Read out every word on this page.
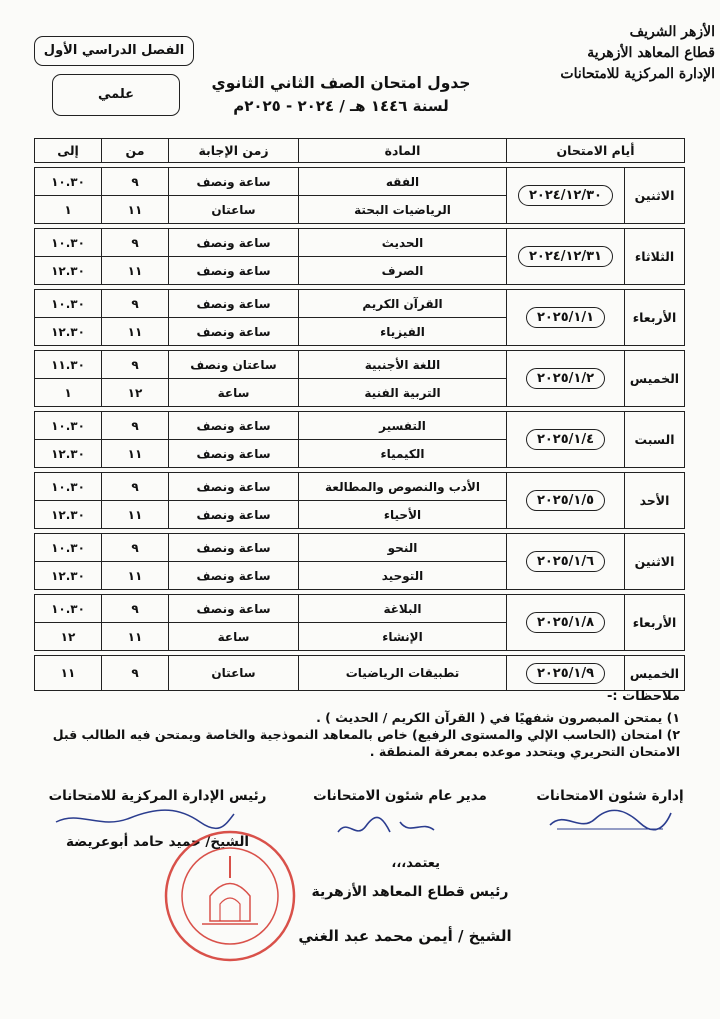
الأزهر الشريف
قطاع المعاهد الأزهرية
الإدارة المركزية للامتحانات
جدول امتحان الصف الثاني الثانوي
لسنة ١٤٤٦ هـ / ٢٠٢٤ - ٢٠٢٥م
الفصل الدراسي الأول
علمي
أيام الامتحان		المادة	زمن الإجابة	من	إلى

الاثنين	٢٠٢٤/١٢/٣٠	الفقه	ساعة ونصف	٩	١٠.٣٠
		الرياضيات البحتة	ساعتان	١١	١

الثلاثاء	٢٠٢٤/١٢/٣١	الحديث	ساعة ونصف	٩	١٠.٣٠
		الصرف	ساعة ونصف	١١	١٢.٣٠

الأربعاء	٢٠٢٥/١/١	القرآن الكريم	ساعة ونصف	٩	١٠.٣٠
		الفيزياء	ساعة ونصف	١١	١٢.٣٠

الخميس	٢٠٢٥/١/٢	اللغة الأجنبية	ساعتان ونصف	٩	١١.٣٠
		التربية الفنية	ساعة	١٢	١

السبت	٢٠٢٥/١/٤	التفسير	ساعة ونصف	٩	١٠.٣٠
		الكيمياء	ساعة ونصف	١١	١٢.٣٠

الأحد	٢٠٢٥/١/٥	الأدب والنصوص والمطالعة	ساعة ونصف	٩	١٠.٣٠
		الأحياء	ساعة ونصف	١١	١٢.٣٠

الاثنين	٢٠٢٥/١/٦	النحو	ساعة ونصف	٩	١٠.٣٠
		التوحيد	ساعة ونصف	١١	١٢.٣٠

الأربعاء	٢٠٢٥/١/٨	البلاغة	ساعة ونصف	٩	١٠.٣٠
		الإنشاء	ساعة	١١	١٢

الخميس	٢٠٢٥/١/٩	تطبيقات الرياضيات	ساعتان	٩	١١
ملاحظات :-
١) يمتحن المبصرون شفهيًا في ( القرآن الكريم / الحديث ) .
٢) امتحان (الحاسب الإلي والمستوى الرفيع) خاص بالمعاهد النموذجية والخاصة ويمتحن فيه الطالب قبل الامتحان التحريري ويتحدد موعده بمعرفة المنطقة .
إدارة شئون الامتحانات
مدير عام شئون الامتحانات
رئيس الإدارة المركزية للامتحانات
الشيخ/ حميد حامد أبوعريضة
يعتمد،،،
رئيس قطاع المعاهد الأزهرية
الشيخ / أيمن محمد عبد الغني
